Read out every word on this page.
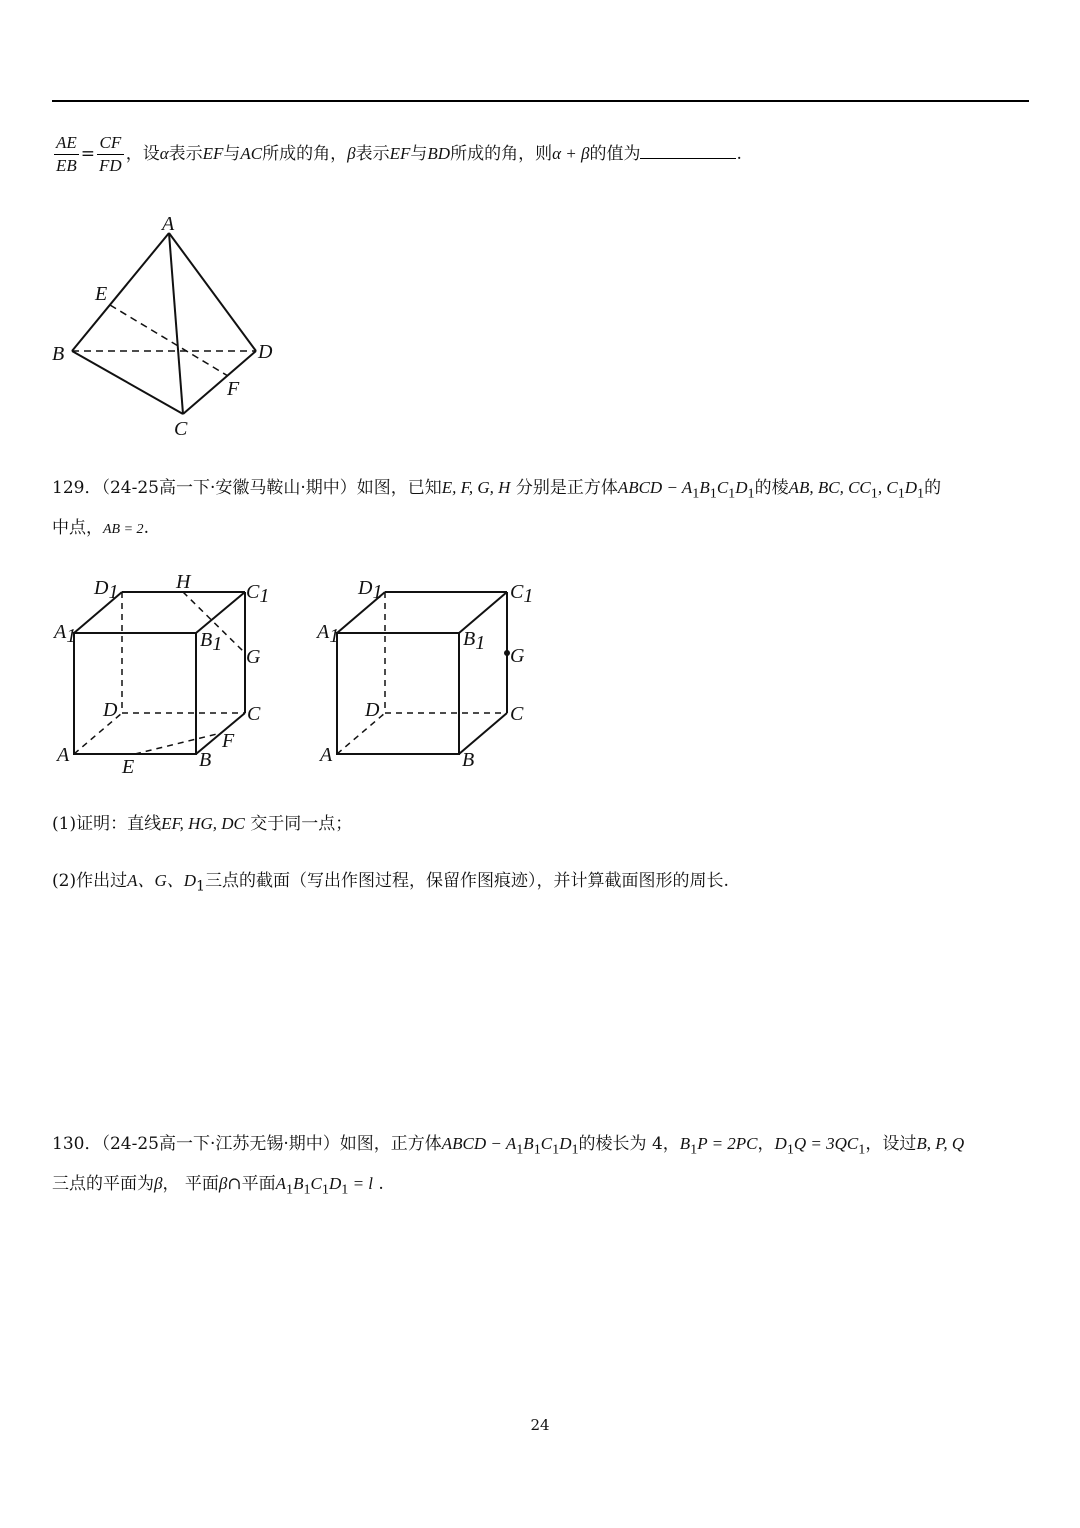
$\frac{AE}{EB} = \frac{CF}{FD}$ ，设α表示EF与AC所成的角，β表示EF与BD所成的角，则α + β的值为	.
A
B
C
D
E
F
129．（24-25高一下·安徽马鞍山·期中）如图，已知E, F, G, H 分别是正方体ABCD − $A_1B_1C_1D_1$的棱AB, BC, $CC_1$, $C_1D_1$的
中点，AB = 2.
D1	H	C1
A1	B1
G
D	C
F
A	B
E
D1	C1
A1	B1
G
D	C
A	B
(1)证明：直线EF, HG, DC 交于同一点；
(2)作出过A、G、$D_1$三点的截面（写出作图过程，保留作图痕迹），并计算截面图形的周长.
130．（24-25高一下·江苏无锡·期中）如图，正方体ABCD − $A_1B_1C_1D_1$的棱长为 4，$B_1P = 2PC$，$D_1Q = 3QC_1$，设过B, P, Q
三点的平面为β， 平面β∩平面$A_1B_1C_1D_1 = l$ .
24
